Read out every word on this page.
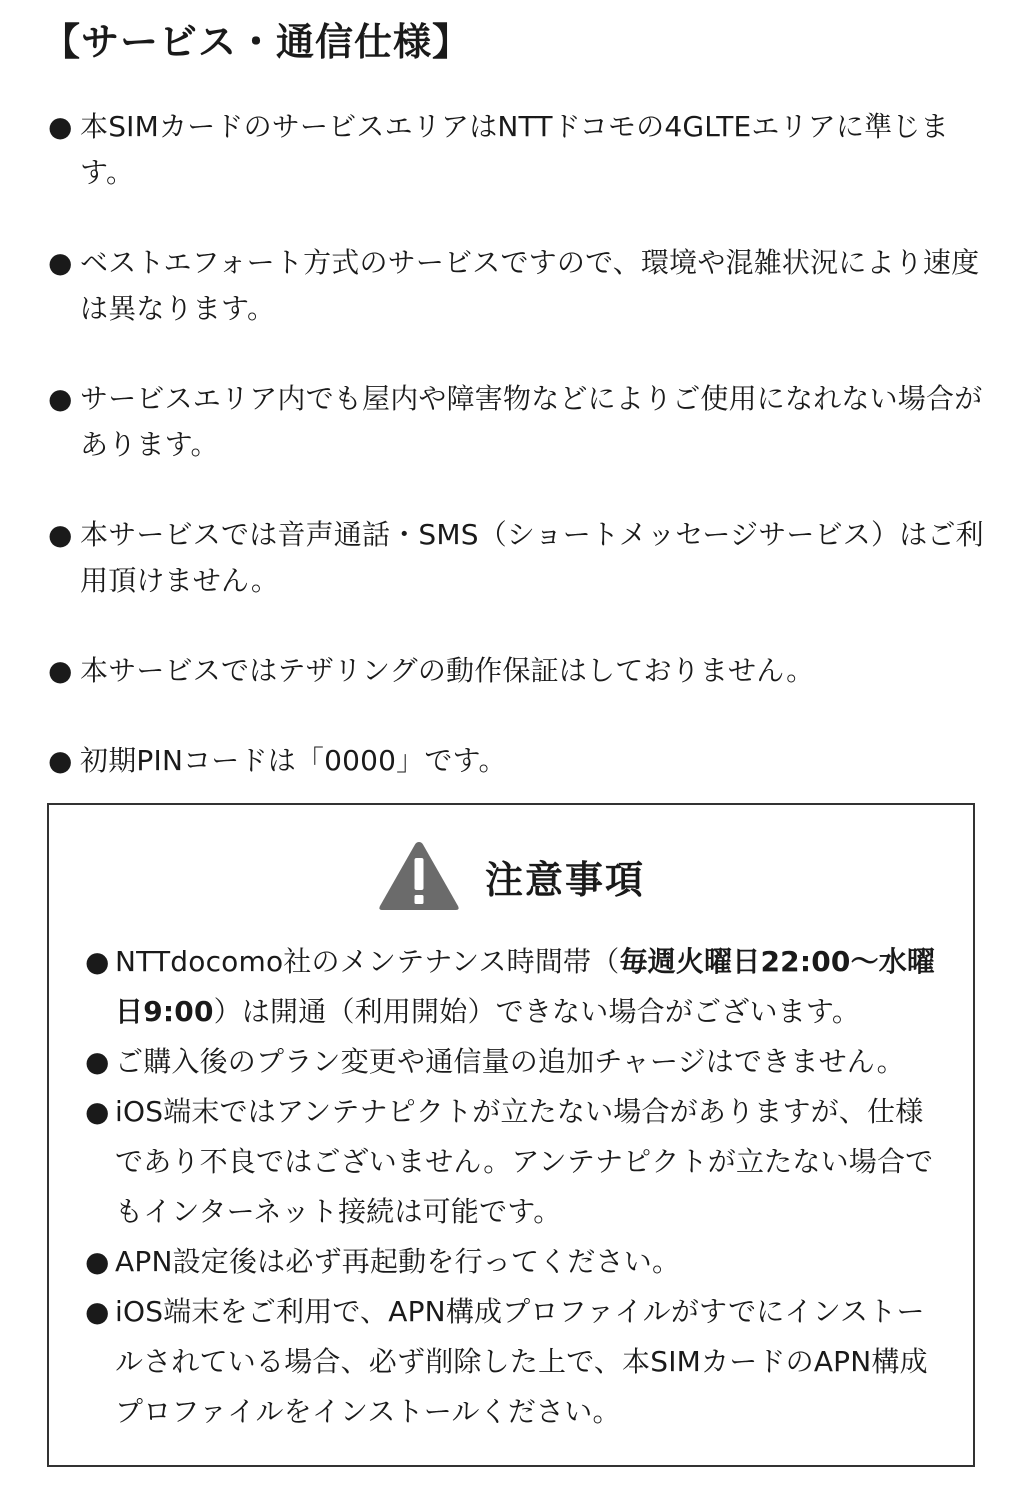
【サービス・通信仕様】
● 本SIMカードのサービスエリアはNTTドコモの4GLTEエリアに準じます。
● ベストエフォート方式のサービスですので、環境や混雑状況により速度は異なります。
● サービスエリア内でも屋内や障害物などによりご使用になれない場合があります。
● 本サービスでは音声通話・SMS（ショートメッセージサービス）はご利用頂けません。
● 本サービスではテザリングの動作保証はしておりません。
● 初期PINコードは「0000」です。
注意事項
● NTTdocomo社のメンテナンス時間帯（毎週火曜日22:00〜水曜日9:00）は開通（利用開始）できない場合がございます。
● ご購入後のプラン変更や通信量の追加チャージはできません。
● iOS端末ではアンテナピクトが立たない場合がありますが、仕様であり不良ではございません。アンテナピクトが立たない場合でもインターネット接続は可能です。
● APN設定後は必ず再起動を行ってください。
● iOS端末をご利用で、APN構成プロファイルがすでにインストールされている場合、必ず削除した上で、本SIMカードのAPN構成プロファイルをインストールください。
